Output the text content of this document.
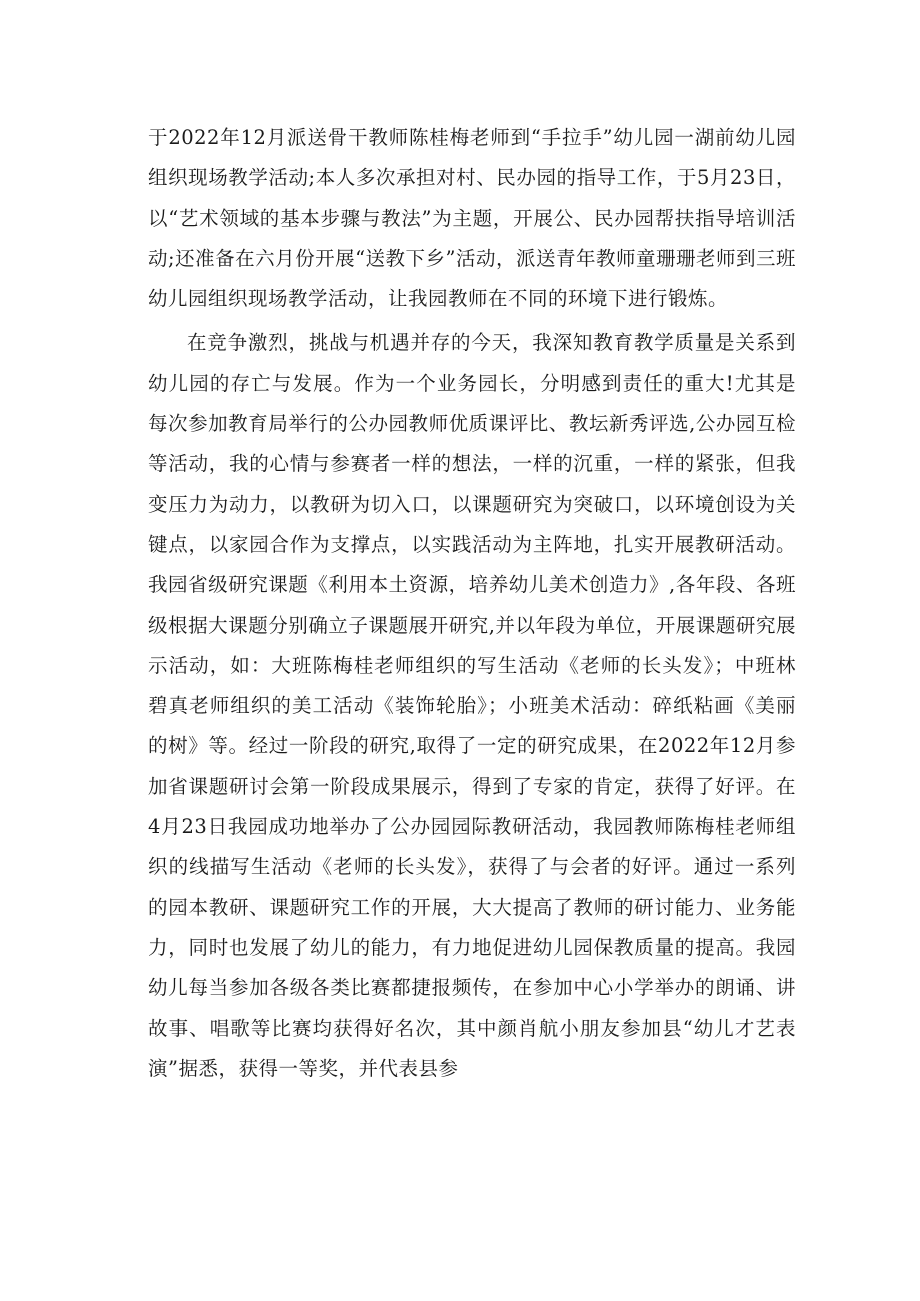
于2022年12月派送骨干教师陈桂梅老师到“手拉手”幼儿园一湖前幼儿园组织现场教学活动;本人多次承担对村、民办园的指导工作，于5月23日，以“艺术领域的基本步骤与教法”为主题，开展公、民办园帮扶指导培训活动;还准备在六月份开展“送教下乡”活动，派送青年教师童珊珊老师到三班幼儿园组织现场教学活动，让我园教师在不同的环境下进行锻炼。

在竞争激烈，挑战与机遇并存的今天，我深知教育教学质量是关系到幼儿园的存亡与发展。作为一个业务园长，分明感到责任的重大!尤其是每次参加教育局举行的公办园教师优质课评比、教坛新秀评选,公办园互检等活动，我的心情与参赛者一样的想法，一样的沉重，一样的紧张，但我变压力为动力，以教研为切入口，以课题研究为突破口，以环境创设为关键点，以家园合作为支撑点，以实践活动为主阵地，扎实开展教研活动。我园省级研究课题《利用本土资源，培养幼儿美术创造力》,各年段、各班级根据大课题分别确立子课题展开研究,并以年段为单位，开展课题研究展示活动，如：大班陈梅桂老师组织的写生活动《老师的长头发》；中班林碧真老师组织的美工活动《装饰轮胎》；小班美术活动：碎纸粘画《美丽的树》等。经过一阶段的研究,取得了一定的研究成果，在2022年12月参加省课题研讨会第一阶段成果展示，得到了专家的肯定，获得了好评。在4月23日我园成功地举办了公办园园际教研活动，我园教师陈梅桂老师组织的线描写生活动《老师的长头发》，获得了与会者的好评。通过一系列的园本教研、课题研究工作的开展，大大提高了教师的研讨能力、业务能力，同时也发展了幼儿的能力，有力地促进幼儿园保教质量的提高。我园幼儿每当参加各级各类比赛都捷报频传，在参加中心小学举办的朗诵、讲故事、唱歌等比赛均获得好名次，其中颜肖航小朋友参加县“幼儿才艺表演”据悉，获得一等奖，并代表县参
